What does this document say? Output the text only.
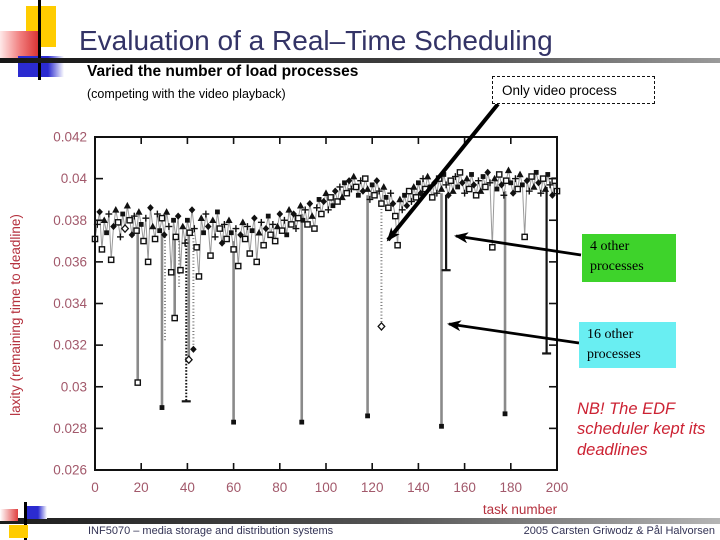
Evaluation of a Real–Time Scheduling
Varied the number of load processes
(competing with the video playback)
0	20 40 60 80 100 120 140 160 180 200
0.026
0.028
0.03
0.032
0.034
0.036
0.038
0.04
0.042
laxity (remaining time to deadline)
task number
Only video process
4 other processes
16 other processes
NB! The EDF scheduler kept its deadlines
INF5070 – media storage and distribution systems	2005 Carsten Griwodz & Pål Halvorsen
